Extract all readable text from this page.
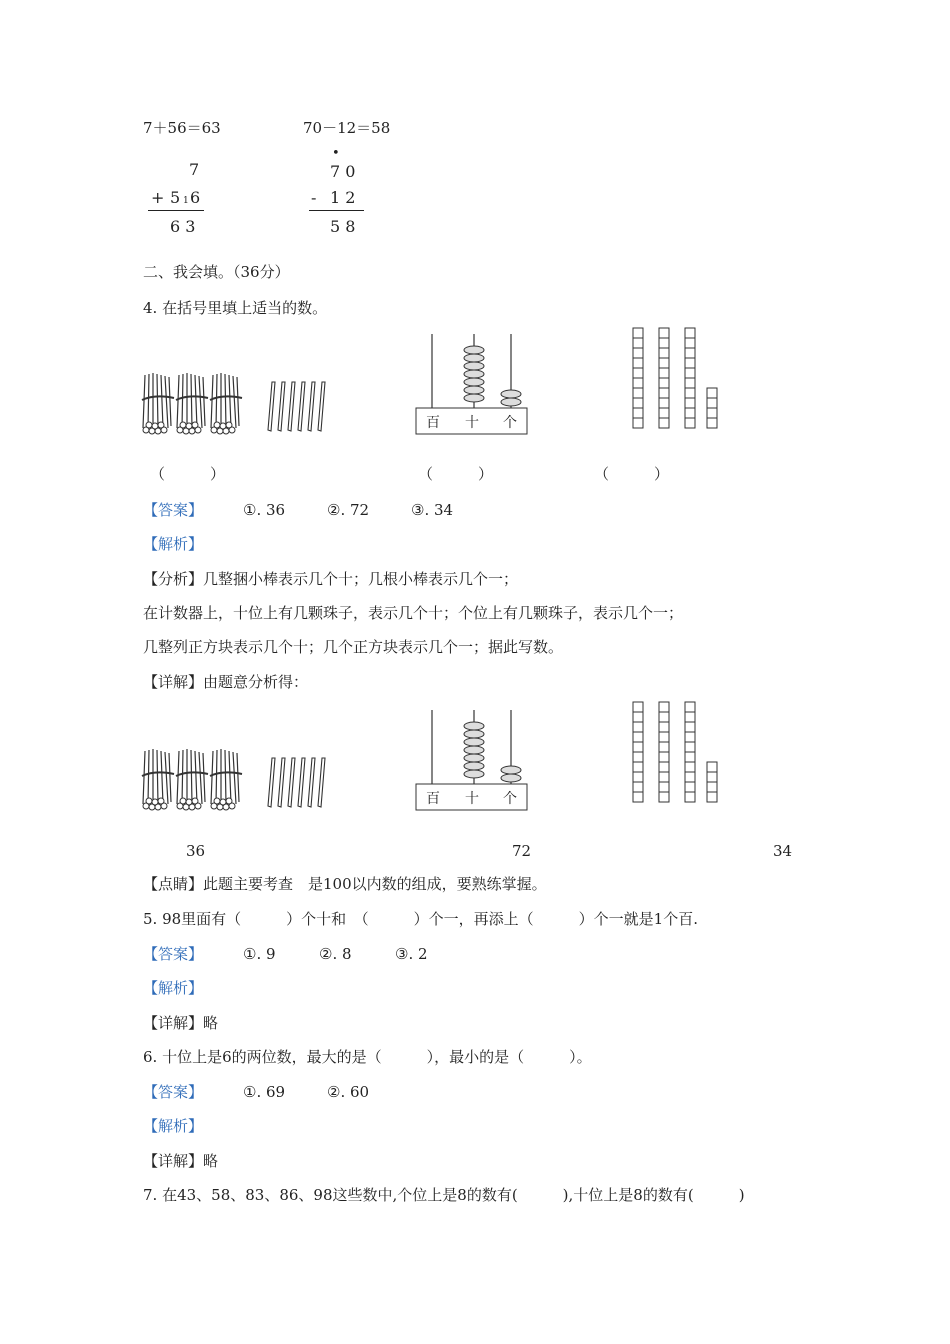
7＋56＝63	70－12＝58
7
+ 5 1 6
6 3
•
7 0
- 1 2
5 8
二、我会填。（36分）
4. 在括号里填上适当的数。
百 十 个
（　　　）	（　　　）	（　　　）
【答案】	①. 36	②. 72	③. 34
【解析】
【分析】几整捆小棒表示几个十；几根小棒表示几个一；
在计数器上，十位上有几颗珠子，表示几个十；个位上有几颗珠子，表示几个一；
几整列正方块表示几个十；几个正方块表示几个一；据此写数。
【详解】由题意分析得：
百 十 个
36	72	34
【点睛】此题主要考查　是100以内数的组成，要熟练掌握。
5. 98里面有（　　　）个十和　（　　　）个一，再添上（　　　）个一就是1个百.
【答案】	①. 9	②. 8	③. 2
【解析】
【详解】略
6. 十位上是6的两位数，最大的是（　　　），最小的是（　　　）。
【答案】	①. 69	②. 60
【解析】
【详解】略
7. 在43、58、83、86、98这些数中,个位上是8的数有(　　　),十位上是8的数有(　　　)
